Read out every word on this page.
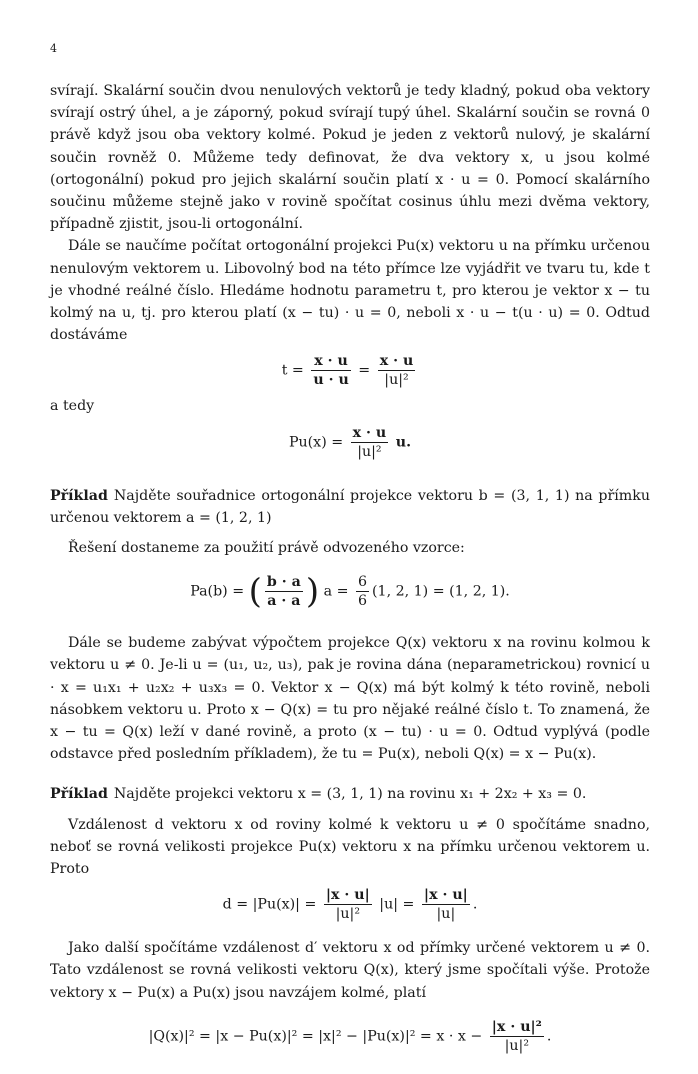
4

svírají. Skalární součin dvou nenulových vektorů je tedy kladný, pokud oba vektory svírají ostrý úhel, a je záporný, pokud svírají tupý úhel. Skalární součin se rovná 0 právě když jsou oba vektory kolmé. Pokud je jeden z vektorů nulový, je skalární součin rovněž 0. Můžeme tedy definovat, že dva vektory x, u jsou kolmé (ortogonální) pokud pro jejich skalární součin platí x · u = 0. Pomocí skalárního součinu můžeme stejně jako v rovině spočítat cosinus úhlu mezi dvěma vektory, případně zjistit, jsou-li ortogonální.

Dále se naučíme počítat ortogonální projekci Pu(x) vektoru u na přímku určenou nenulovým vektorem u. Libovolný bod na této přímce lze vyjádřit ve tvaru tu, kde t je vhodné reálné číslo. Hledáme hodnotu parametru t, pro kterou je vektor x − tu kolmý na u, tj. pro kterou platí (x − tu) · u = 0, neboli x · u − t(u · u) = 0. Odtud dostáváme

$t = \frac{x \cdot u}{u \cdot u} = \frac{x \cdot u}{\text{|u|²}}$

a tedy

$Pu(x) = \frac{x \cdot u}{\text{|u|²}} u$.

Příklad Najděte souřadnice ortogonální projekce vektoru b = (3, 1, 1) na přímku určenou vektorem a = (1, 2, 1)

Řešení dostaneme za použití právě odvozeného vzorce:

Pa(b) = ( $\frac{b \cdot a}{a \cdot a}$ ) $a = \frac{6}{6} (1$, 2, 1) = (1, 2, 1).

Dále se budeme zabývat výpočtem projekce Q(x) vektoru x na rovinu kolmou k vektoru u ≠ 0. Je-li u = (u₁, u₂, u₃), pak je rovina dána (neparametrickou) rovnicí u · x = u₁x₁ + u₂x₂ + u₃x₃ = 0. Vektor x − Q(x) má být kolmý k této rovině, neboli násobkem vektoru u. Proto x − Q(x) = tu pro nějaké reálné číslo t. To znamená, že x − tu = Q(x) leží v dané rovině, a proto (x − tu) · u = 0. Odtud vyplývá (podle odstavce před posledním příkladem), že tu = Pu(x), neboli Q(x) = x − Pu(x).

Příklad Najděte projekci vektoru x = (3, 1, 1) na rovinu x₁ + 2x₂ + x₃ = 0.

Vzdálenost d vektoru x od roviny kolmé k vektoru u ≠ 0 spočítáme snadno, neboť se rovná velikosti projekce Pu(x) vektoru x na přímku určenou vektorem u. Proto

$d = |Pu(x)| = \frac{|x \cdot u|}{\text{|u|²}} |u| = \frac{|x \cdot u|}{|u|}$ .

Jako další spočítáme vzdálenost d′ vektoru x od přímky určené vektorem u ≠ 0. Tato vzdálenost se rovná velikosti vektoru Q(x), který jsme spočítali výše. Protože vektory x − Pu(x) a Pu(x) jsou navzájem kolmé, platí

$|Q(x)|^2 = |x - Pu(x)|^2 = |x|^2 - |Pu(x)|^2 = x \cdot x - \frac{\text{|x · u|²}}{\text{|u|²}}$ .
